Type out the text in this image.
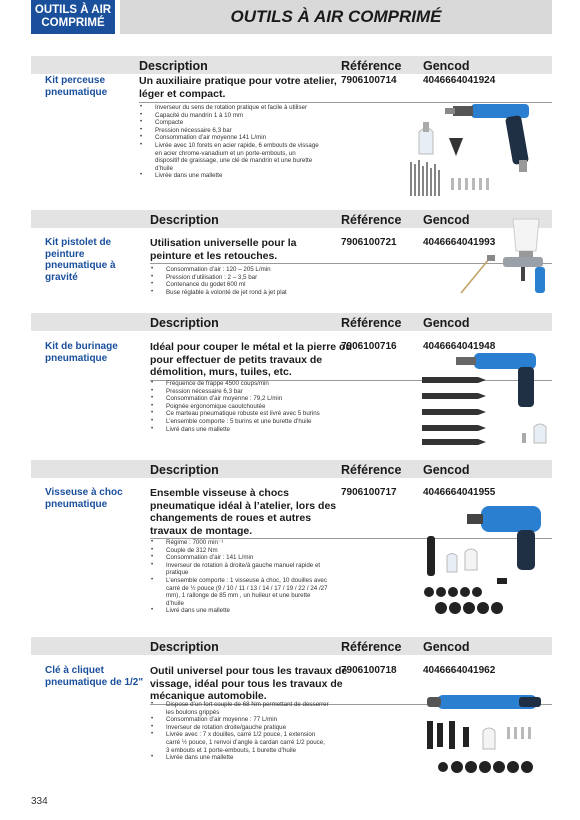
OUTILS À AIR COMPRIMÉ	OUTILS À AIR COMPRIMÉ
Description	Référence Gencod
Kit perceuse pneumatique
Un auxiliaire pratique pour votre atelier, léger et compact.
7906100714	4046664041924
• Inverseur du sens de rotation pratique et facile à utiliser
• Capacité du mandrin 1 à 10 mm
• Compacte
• Pression nécessaire 6,3 bar
• Consommation d’air moyenne 141 L/min
• Livrée avec 10 forets en acier rapide, 6 embouts de vissage en acier chrome-vanadium et un porte-embouts, un dispositif de graissage, une clé de mandrin et une burette d’huile
• Livrée dans une mallette
Description	Référence Gencod
Kit pistolet de peinture pneumatique à gravité
Utilisation universelle pour la peinture et les retouches.
7906100721	4046664041993
• Consommation d’air : 120 – 205 L/min
• Pression d’utilisation : 2 – 3,5 bar
• Contenance du godet 600 ml
• Buse réglable à volonté de jet rond à jet plat
Description	Référence Gencod
Kit de burinage pneumatique
Idéal pour couper le métal et la pierre ou pour effectuer de petits travaux de démolition, murs, tuiles, etc.
7906100716	4046664041948
• Fréquence de frappe 4500 coups/min
• Pression nécessaire 6,3 bar
• Consommation d’air moyenne : 79,2 L/min
• Poignée ergonomique caoutchoutée
• Ce marteau pneumatique robuste est livré avec 5 burins
• L’ensemble comporte : 5 burins et une burette d’huile
• Livré dans une mallette
Description	Référence Gencod
Visseuse à choc pneumatique
Ensemble visseuse à chocs pneumatique idéal à l’atelier, lors des changements de roues et autres travaux de montage.
7906100717	4046664041955
• Régime : 7000 min⁻¹
• Couple de 312 Nm
• Consommation d’air : 141 L/min
• Inverseur de rotation à droite/à gauche manuel rapide et pratique
• L’ensemble comporte : 1 visseuse à choc, 10 douilles avec carré de ½ pouce (9 / 10 / 11 / 13 / 14 / 17 / 19 / 22 / 24 /27 mm), 1 rallonge de 85 mm , un huileur et une burette d’huile
• Livré dans une mallette
Description	Référence Gencod
Clé à cliquet pneumatique de 1/2"
Outil universel pour tous les travaux de vissage, idéal pour tous les travaux de mécanique automobile.
7906100718	4046664041962
• Dispose d’un fort couple de 68 Nm permettant de desserrer les boulons grippés
• Consommation d’air moyenne : 77 L/min
• Inverseur de rotation droite/gauche pratique
• Livrée avec : 7 x douilles, carré 1/2 pouce, 1 extension carré ½ pouce, 1 renvoi d’angle à cardan carré 1/2 pouce, 3 embouts et 1 porte-embouts, 1 burette d’huile
• Livrée dans une mallette
334
